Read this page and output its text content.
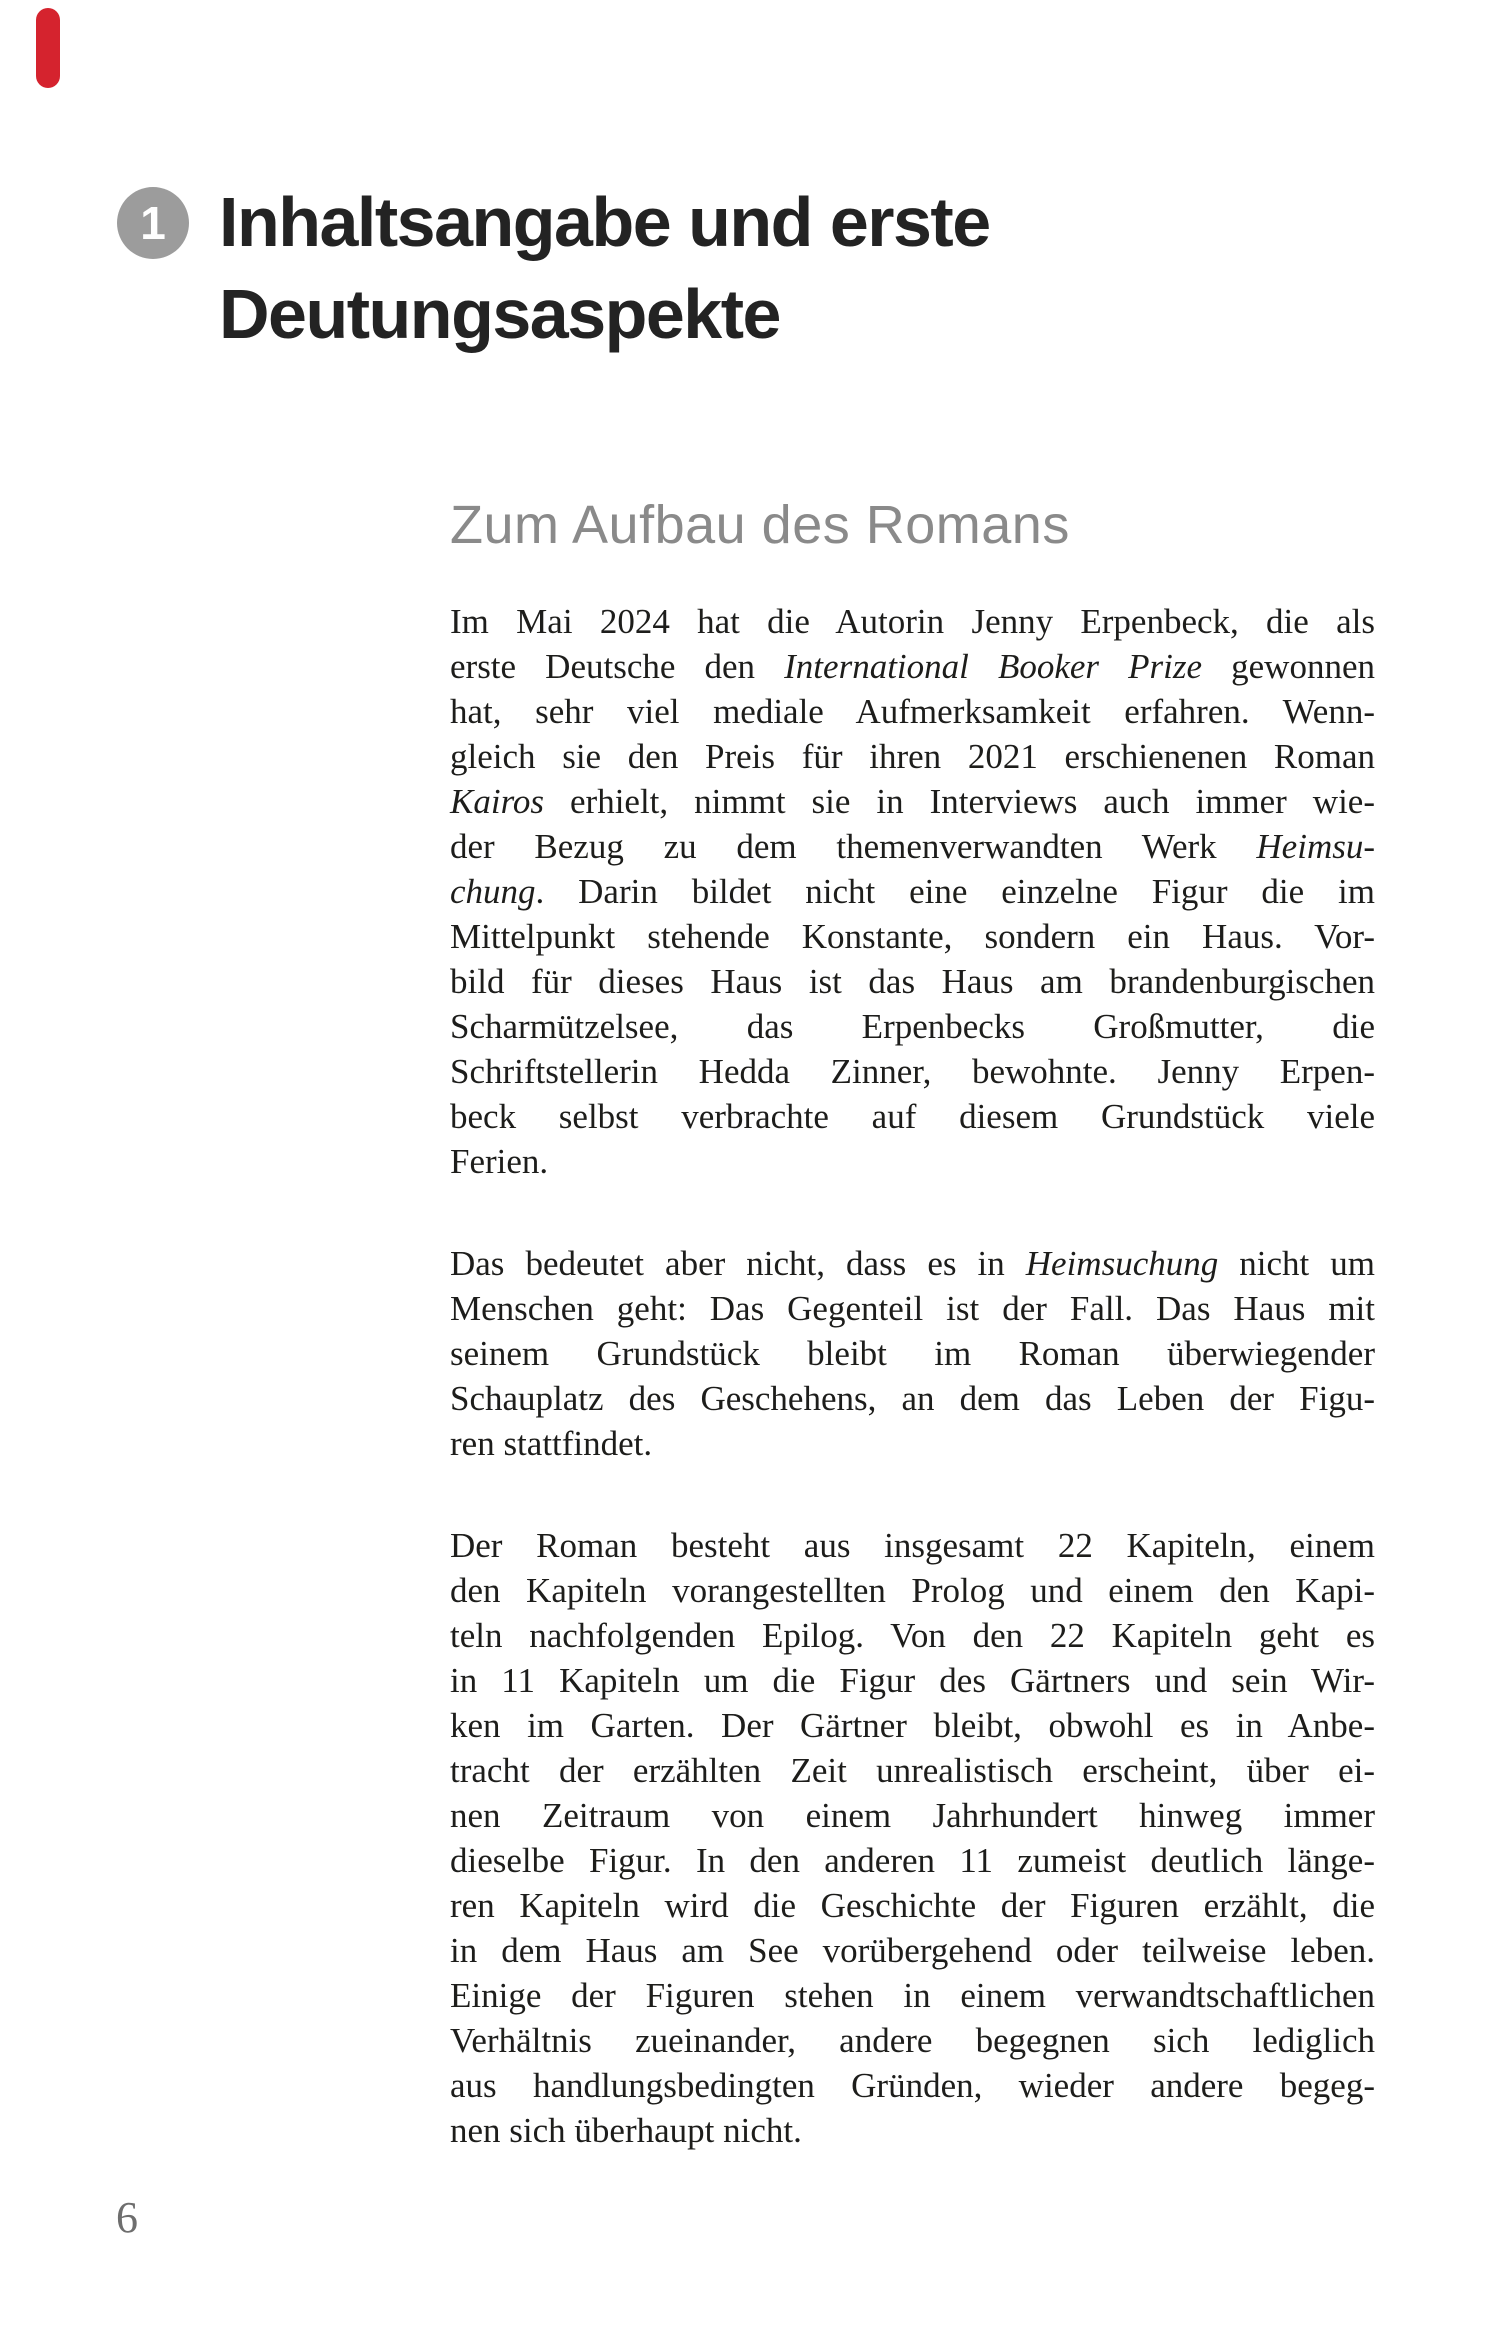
1 Inhaltsangabe und erste
Deutungsaspekte
Zum Aufbau des Romans
Im Mai 2024 hat die Autorin Jenny Erpenbeck, die als
erste Deutsche den International Booker Prize gewonnen
hat, sehr viel mediale Aufmerksamkeit erfahren. Wenn-
gleich sie den Preis für ihren 2021 erschienenen Roman
Kairos erhielt, nimmt sie in Interviews auch immer wie-
der Bezug zu dem themenverwandten Werk Heimsu-
chung. Darin bildet nicht eine einzelne Figur die im
Mittelpunkt stehende Konstante, sondern ein Haus. Vor-
bild für dieses Haus ist das Haus am brandenburgischen
Scharmützelsee, das Erpenbecks Großmutter, die
Schriftstellerin Hedda Zinner, bewohnte. Jenny Erpen-
beck selbst verbrachte auf diesem Grundstück viele
Ferien.
Das bedeutet aber nicht, dass es in Heimsuchung nicht um
Menschen geht: Das Gegenteil ist der Fall. Das Haus mit
seinem Grundstück bleibt im Roman überwiegender
Schauplatz des Geschehens, an dem das Leben der Figu-
ren stattfindet.
Der Roman besteht aus insgesamt 22 Kapiteln, einem
den Kapiteln vorangestellten Prolog und einem den Kapi-
teln nachfolgenden Epilog. Von den 22 Kapiteln geht es
in 11 Kapiteln um die Figur des Gärtners und sein Wir-
ken im Garten. Der Gärtner bleibt, obwohl es in Anbe-
tracht der erzählten Zeit unrealistisch erscheint, über ei-
nen Zeitraum von einem Jahrhundert hinweg immer
dieselbe Figur. In den anderen 11 zumeist deutlich länge-
ren Kapiteln wird die Geschichte der Figuren erzählt, die
in dem Haus am See vorübergehend oder teilweise leben.
Einige der Figuren stehen in einem verwandtschaftlichen
Verhältnis zueinander, andere begegnen sich lediglich
aus handlungsbedingten Gründen, wieder andere begeg-
nen sich überhaupt nicht.
6
